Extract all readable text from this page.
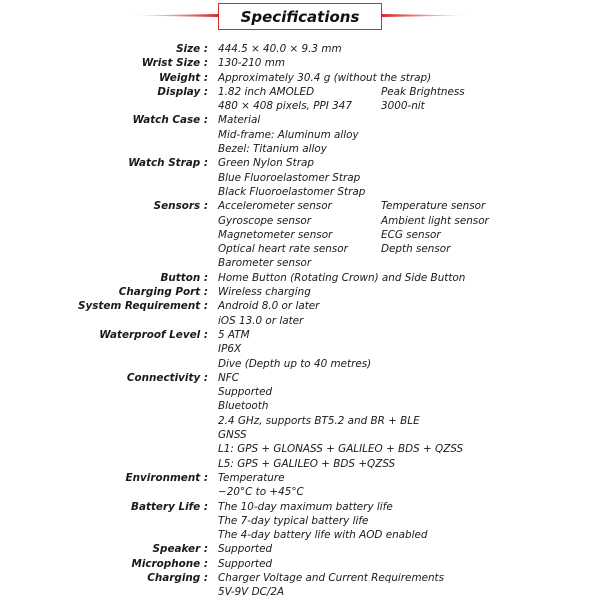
Specifications
Size : 444.5 × 40.0 × 9.3 mm
Wrist Size : 130-210 mm
Weight : Approximately 30.4 g (without the strap)
Display : 1.82 inch AMOLED	Peak Brightness
480 × 408 pixels, PPI 347	3000-nit
Watch Case : Material
Mid-frame: Aluminum alloy
Bezel: Titanium alloy
Watch Strap : Green Nylon Strap
Blue Fluoroelastomer Strap
Black Fluoroelastomer Strap
Sensors : Accelerometer sensor	Temperature sensor
Gyroscope sensor	Ambient light sensor
Magnetometer sensor	ECG sensor
Optical heart rate sensor	Depth sensor
Barometer sensor
Button : Home Button (Rotating Crown) and Side Button
Charging Port : Wireless charging
System Requirement : Android 8.0 or later
iOS 13.0 or later
Waterproof Level : 5 ATM
IP6X
Dive (Depth up to 40 metres)
Connectivity : NFC
Supported
Bluetooth
2.4 GHz, supports BT5.2 and BR + BLE
GNSS
L1: GPS + GLONASS + GALILEO + BDS + QZSS
L5: GPS + GALILEO + BDS +QZSS
Environment : Temperature
−20°C to +45°C
Battery Life : The 10-day maximum battery life
The 7-day typical battery life
The 4-day battery life with AOD enabled
Speaker : Supported
Microphone : Supported
Charging : Charger Voltage and Current Requirements
5V-9V DC/2A
